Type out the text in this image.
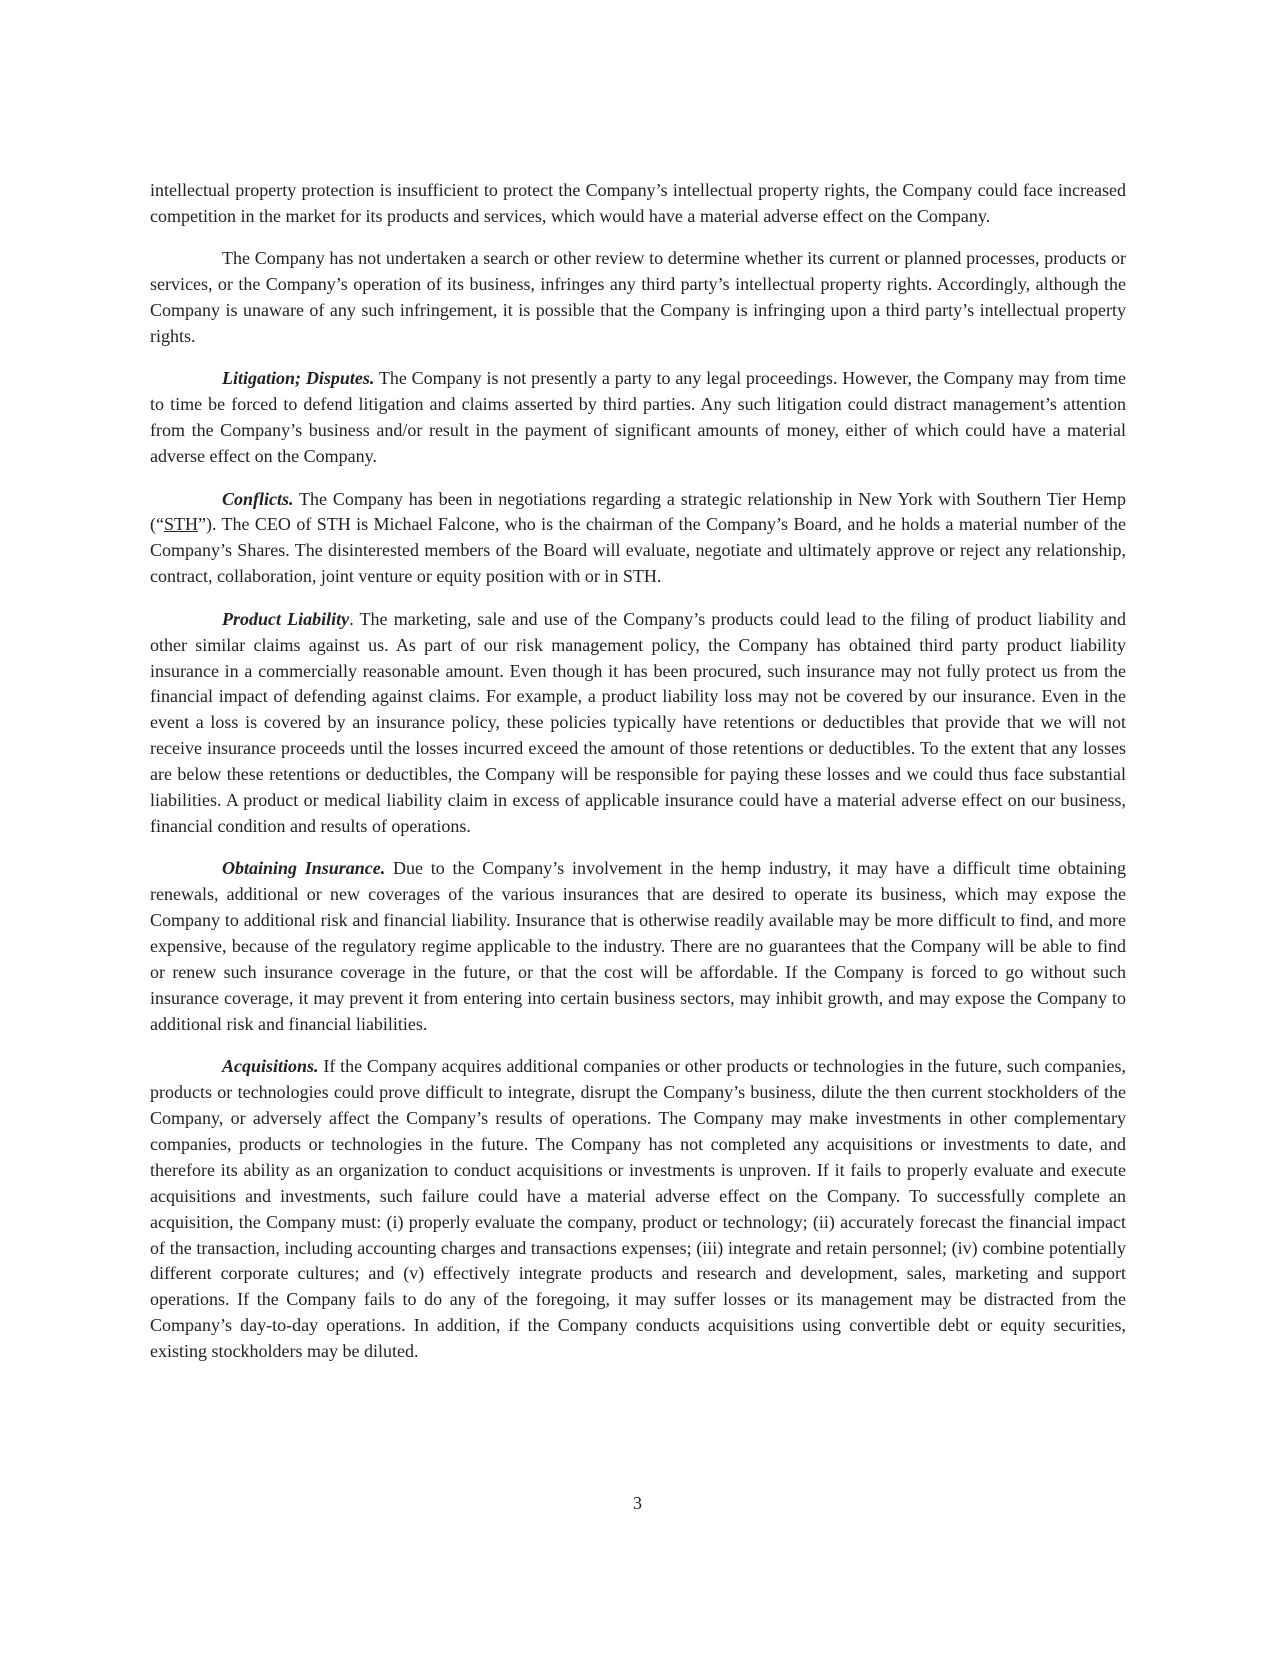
intellectual property protection is insufficient to protect the Company’s intellectual property rights, the Company could face increased competition in the market for its products and services, which would have a material adverse effect on the Company.

The Company has not undertaken a search or other review to determine whether its current or planned processes, products or services, or the Company’s operation of its business, infringes any third party’s intellectual property rights. Accordingly, although the Company is unaware of any such infringement, it is possible that the Company is infringing upon a third party’s intellectual property rights.

Litigation; Disputes. The Company is not presently a party to any legal proceedings. However, the Company may from time to time be forced to defend litigation and claims asserted by third parties. Any such litigation could distract management’s attention from the Company’s business and/or result in the payment of significant amounts of money, either of which could have a material adverse effect on the Company.

Conflicts. The Company has been in negotiations regarding a strategic relationship in New York with Southern Tier Hemp (“STH”). The CEO of STH is Michael Falcone, who is the chairman of the Company’s Board, and he holds a material number of the Company’s Shares. The disinterested members of the Board will evaluate, negotiate and ultimately approve or reject any relationship, contract, collaboration, joint venture or equity position with or in STH.

Product Liability. The marketing, sale and use of the Company’s products could lead to the filing of product liability and other similar claims against us. As part of our risk management policy, the Company has obtained third party product liability insurance in a commercially reasonable amount. Even though it has been procured, such insurance may not fully protect us from the financial impact of defending against claims. For example, a product liability loss may not be covered by our insurance. Even in the event a loss is covered by an insurance policy, these policies typically have retentions or deductibles that provide that we will not receive insurance proceeds until the losses incurred exceed the amount of those retentions or deductibles. To the extent that any losses are below these retentions or deductibles, the Company will be responsible for paying these losses and we could thus face substantial liabilities. A product or medical liability claim in excess of applicable insurance could have a material adverse effect on our business, financial condition and results of operations.

Obtaining Insurance. Due to the Company’s involvement in the hemp industry, it may have a difficult time obtaining renewals, additional or new coverages of the various insurances that are desired to operate its business, which may expose the Company to additional risk and financial liability. Insurance that is otherwise readily available may be more difficult to find, and more expensive, because of the regulatory regime applicable to the industry. There are no guarantees that the Company will be able to find or renew such insurance coverage in the future, or that the cost will be affordable. If the Company is forced to go without such insurance coverage, it may prevent it from entering into certain business sectors, may inhibit growth, and may expose the Company to additional risk and financial liabilities.

Acquisitions. If the Company acquires additional companies or other products or technologies in the future, such companies, products or technologies could prove difficult to integrate, disrupt the Company’s business, dilute the then current stockholders of the Company, or adversely affect the Company’s results of operations. The Company may make investments in other complementary companies, products or technologies in the future. The Company has not completed any acquisitions or investments to date, and therefore its ability as an organization to conduct acquisitions or investments is unproven. If it fails to properly evaluate and execute acquisitions and investments, such failure could have a material adverse effect on the Company. To successfully complete an acquisition, the Company must: (i) properly evaluate the company, product or technology; (ii) accurately forecast the financial impact of the transaction, including accounting charges and transactions expenses; (iii) integrate and retain personnel; (iv) combine potentially different corporate cultures; and (v) effectively integrate products and research and development, sales, marketing and support operations. If the Company fails to do any of the foregoing, it may suffer losses or its management may be distracted from the Company’s day-to-day operations. In addition, if the Company conducts acquisitions using convertible debt or equity securities, existing stockholders may be diluted.

3
